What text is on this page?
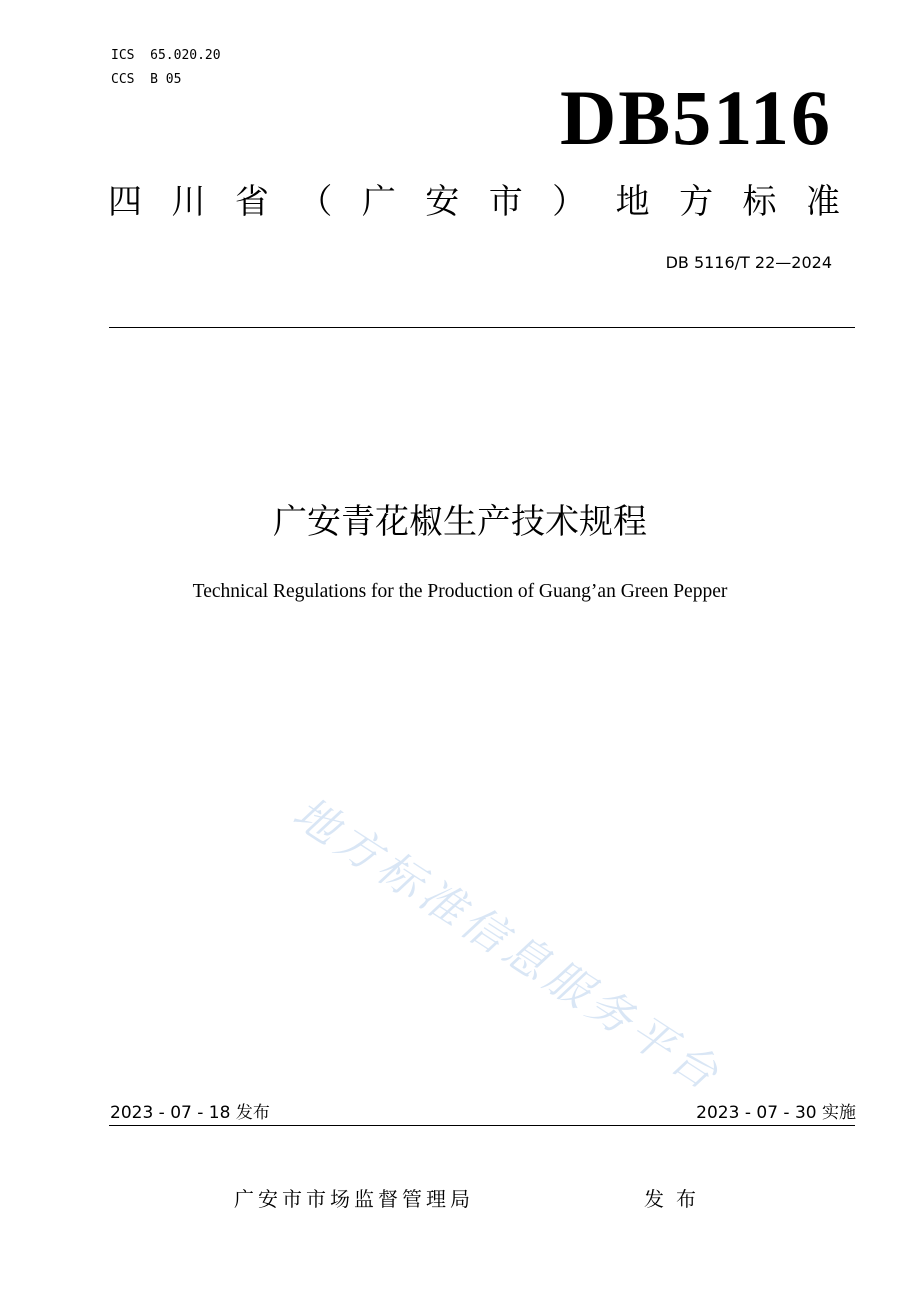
ICS  65.020.20
CCS  B 05	DB5116
四 川 省 （ 广 安 市 ） 地 方 标 准
DB 5116/T 22—2024
广安青花椒生产技术规程
Technical Regulations for the Production of Guang’an Green Pepper
地方标准信息服务平台
2023 - 07 - 18 发布	2023 - 07 - 30 实施
广安市市场监督管理局	发布
